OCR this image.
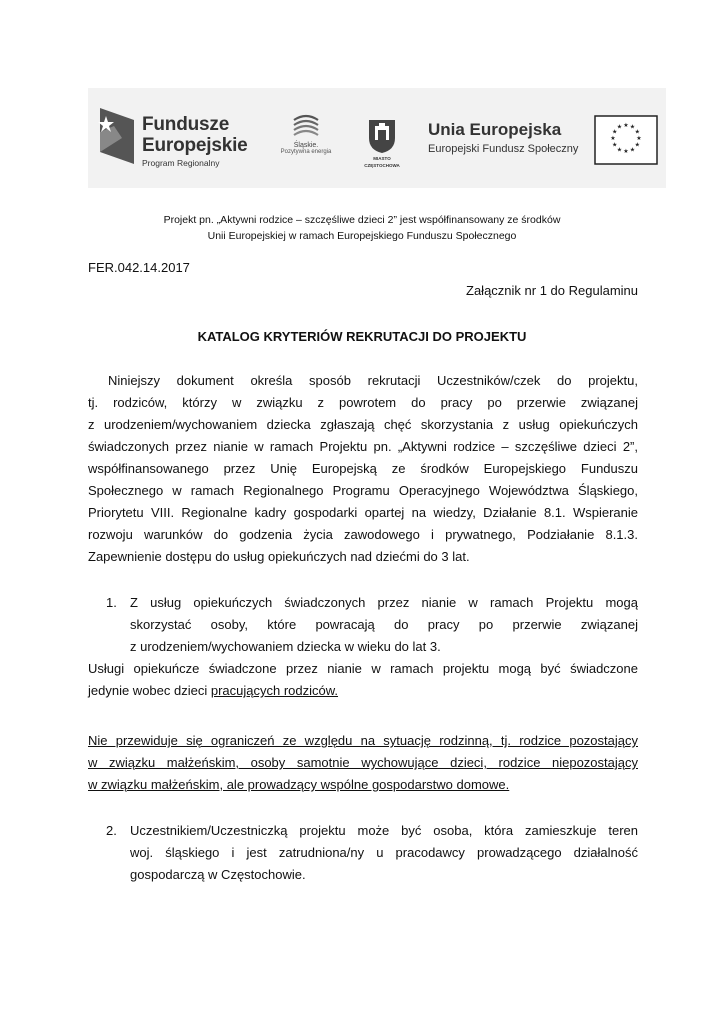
Fundusze
Europejskie
Program Regionalny
Śląskie.
Pozytywna energia
MIASTO
CZĘSTOCHOWA
Unia Europejska
Europejski Fundusz Społeczny
★ ★
★
★
★
★
★
★
★
★
★
★

Projekt pn. „Aktywni rodzice – szczęśliwe dzieci 2” jest współfinansowany ze środków

Unii Europejskiej w ramach Europejskiego Funduszu Społecznego

FER.042.14.2017

Załącznik nr 1 do Regulaminu

KATALOG KRYTERIÓW REKRUTACJI DO PROJEKTU

Niniejszy dokument określa sposób rekrutacji Uczestników/czek do projektu,

tj. rodziców, którzy w związku z powrotem do pracy po przerwie związanej

z urodzeniem/wychowaniem dziecka zgłaszają chęć skorzystania z usług opiekuńczych

świadczonych przez nianie w ramach Projektu pn. „Aktywni rodzice – szczęśliwe dzieci 2”,

współfinansowanego przez Unię Europejską ze środków Europejskiego Funduszu

Społecznego w ramach Regionalnego Programu Operacyjnego Województwa Śląskiego,

Priorytetu VIII. Regionalne kadry gospodarki opartej na wiedzy, Działanie 8.1. Wspieranie

rozwoju warunków do godzenia życia zawodowego i prywatnego, Podziałanie 8.1.3.

Zapewnienie dostępu do usług opiekuńczych nad dziećmi do 3 lat.

1. Z usług opiekuńczych świadczonych przez nianie w ramach Projektu mogą

skorzystać osoby, które powracają do pracy po przerwie związanej

z urodzeniem/wychowaniem dziecka w wieku do lat 3.

Usługi opiekuńcze świadczone przez nianie w ramach projektu mogą być świadczone

jedynie wobec dzieci pracujących rodziców.

Nie przewiduje się ograniczeń ze względu na sytuację rodzinną, tj. rodzice pozostający

w związku małżeńskim, osoby samotnie wychowujące dzieci, rodzice niepozostający

w związku małżeńskim, ale prowadzący wspólne gospodarstwo domowe.

2. Uczestnikiem/Uczestniczką projektu może być osoba, która zamieszkuje teren

woj. śląskiego i jest zatrudniona/ny u pracodawcy prowadzącego działalność

gospodarczą w Częstochowie.
